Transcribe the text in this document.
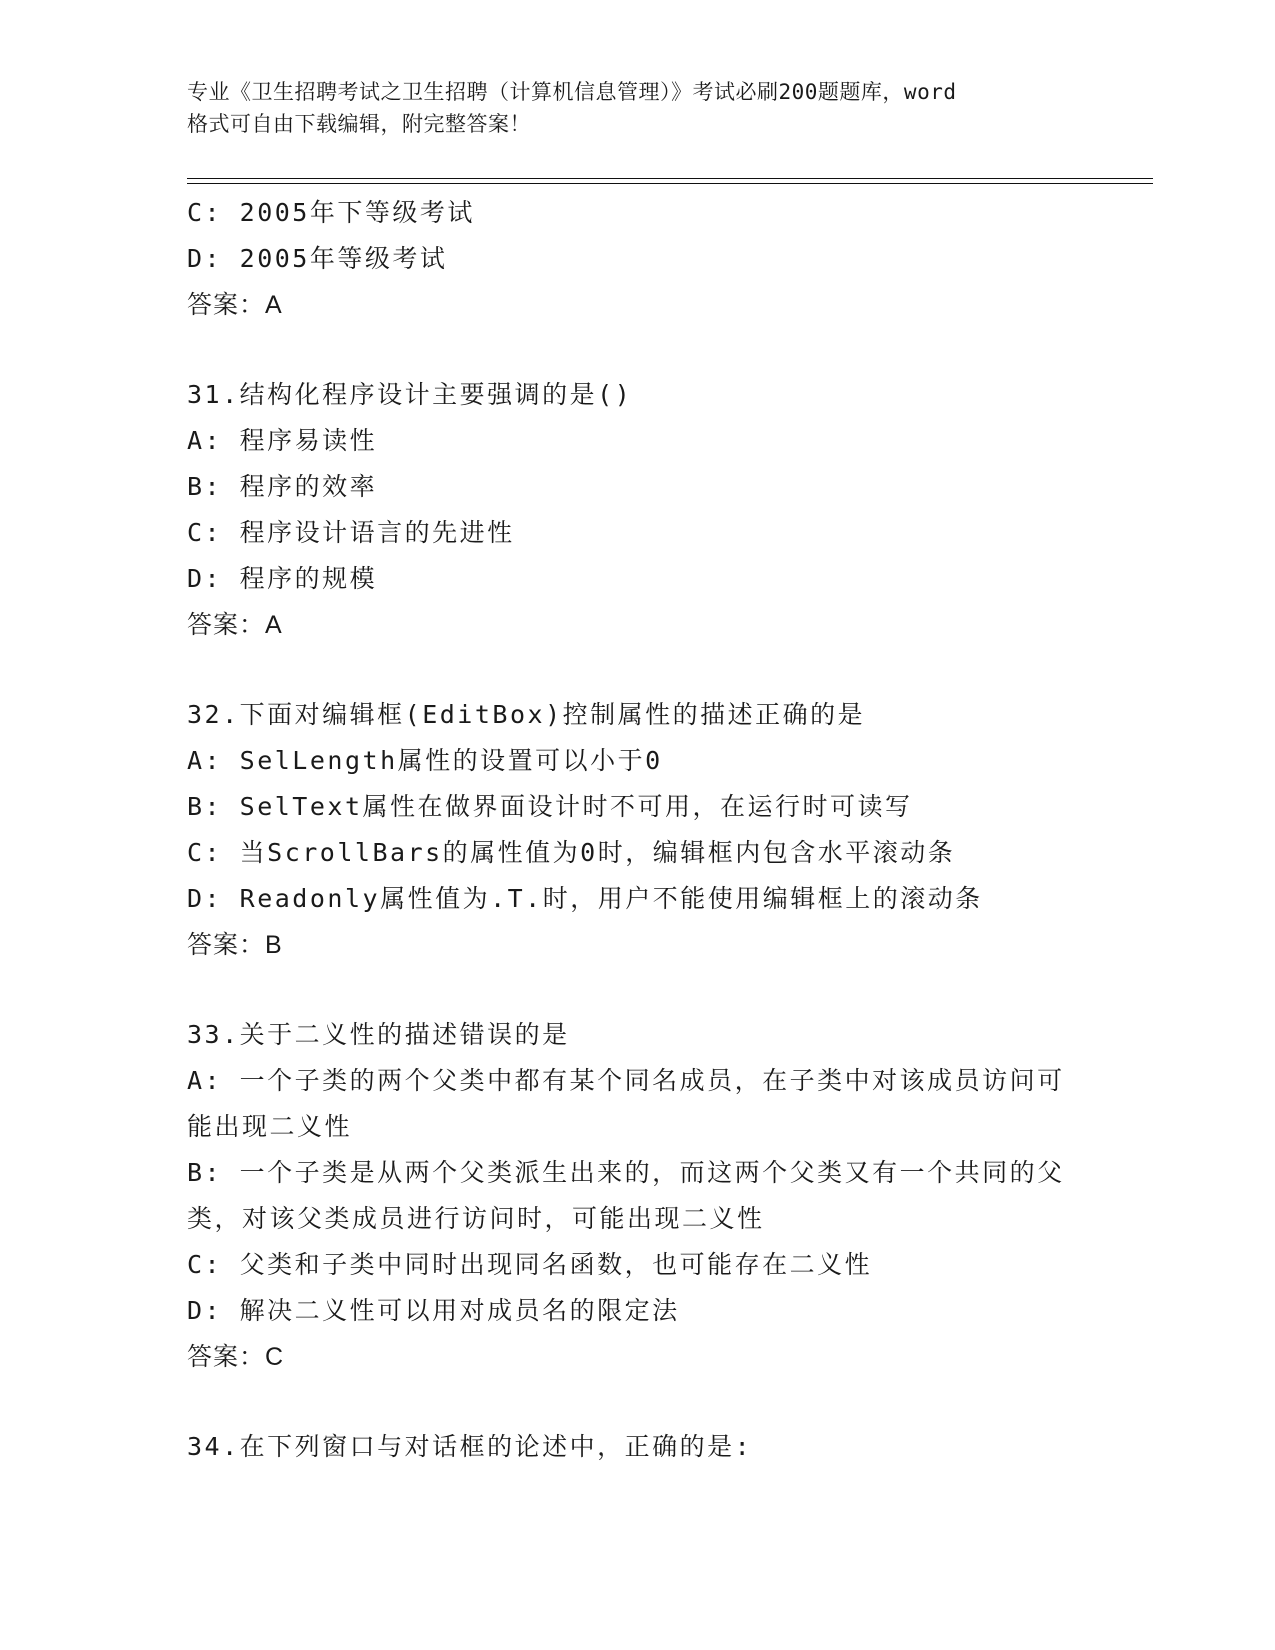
专业《卫生招聘考试之卫生招聘（计算机信息管理）》考试必刷200题题库，word
格式可自由下载编辑，附完整答案！
C: 2005年下等级考试
D: 2005年等级考试
答案：A
31.结构化程序设计主要强调的是()
A: 程序易读性
B: 程序的效率
C: 程序设计语言的先进性
D: 程序的规模
答案：A
32.下面对编辑框(EditBox)控制属性的描述正确的是
A: SelLength属性的设置可以小于0
B: SelText属性在做界面设计时不可用，在运行时可读写
C: 当ScrollBars的属性值为0时，编辑框内包含水平滚动条
D: Readonly属性值为.T.时，用户不能使用编辑框上的滚动条
答案：B
33.关于二义性的描述错误的是
A: 一个子类的两个父类中都有某个同名成员，在子类中对该成员访问可能出现二义性
B: 一个子类是从两个父类派生出来的，而这两个父类又有一个共同的父类，对该父类成员进行访问时，可能出现二义性
C: 父类和子类中同时出现同名函数，也可能存在二义性
D: 解决二义性可以用对成员名的限定法
答案：C
34.在下列窗口与对话框的论述中，正确的是:
